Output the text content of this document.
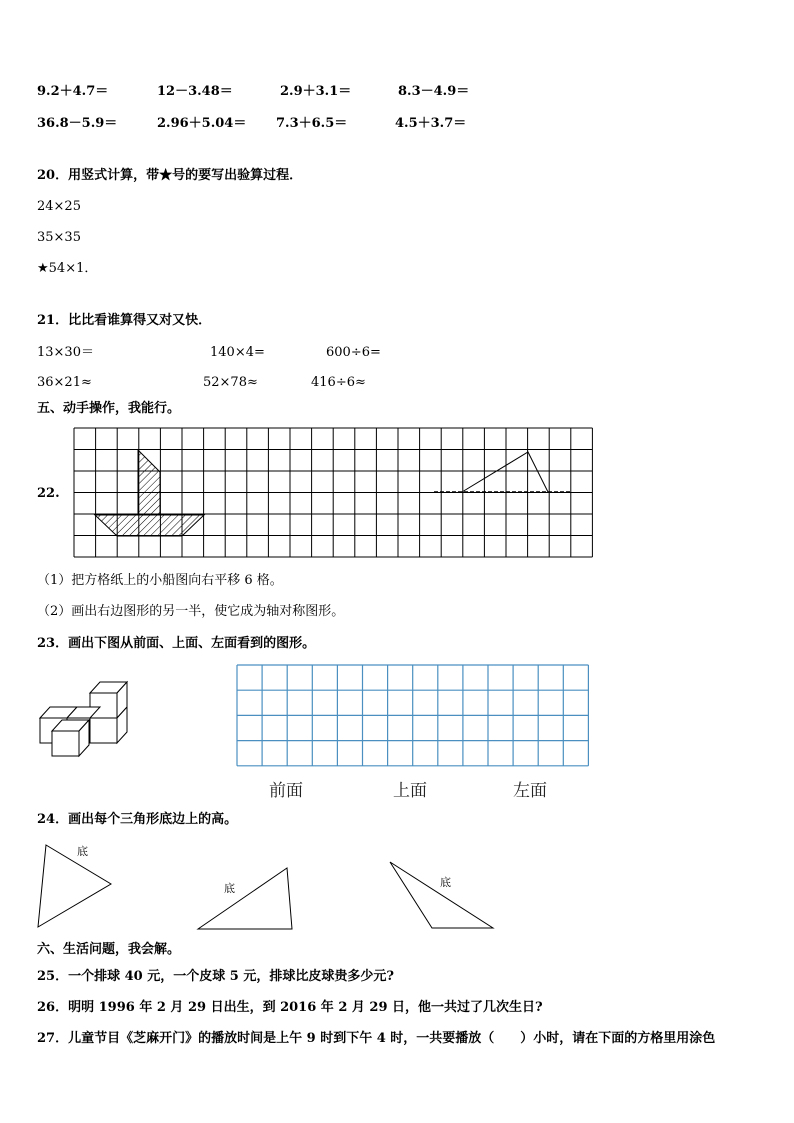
9.2＋4.7＝	12－3.48＝	2.9＋3.1＝	8.3－4.9＝
36.8－5.9＝	2.96＋5.04＝ 7.3＋6.5＝	4.5＋3.7＝
20．用竖式计算，带★号的要写出验算过程．
24×25
35×35
★54×1．
21．比比看谁算得又对又快．
13×30＝	140×4=	600÷6=
36×21≈	52×78≈	416÷6≈
五、动手操作，我能行。
22.
（1）把方格纸上的小船图向右平移 6 格。
（2）画出右边图形的另一半，使它成为轴对称图形。
23．画出下图从前面、上面、左面看到的图形。
前面	上面	左面
24．画出每个三角形底边上的高。
底
底	底
六、生活问题，我会解。
25．一个排球 40 元，一个皮球 5 元，排球比皮球贵多少元?
26．明明 1996 年 2 月 29 日出生，到 2016 年 2 月 29 日，他一共过了几次生日?
27．儿童节目《芝麻开门》的播放时间是上午 9 时到下午 4 时，一共要播放（　　）小时，请在下面的方格里用涂色
